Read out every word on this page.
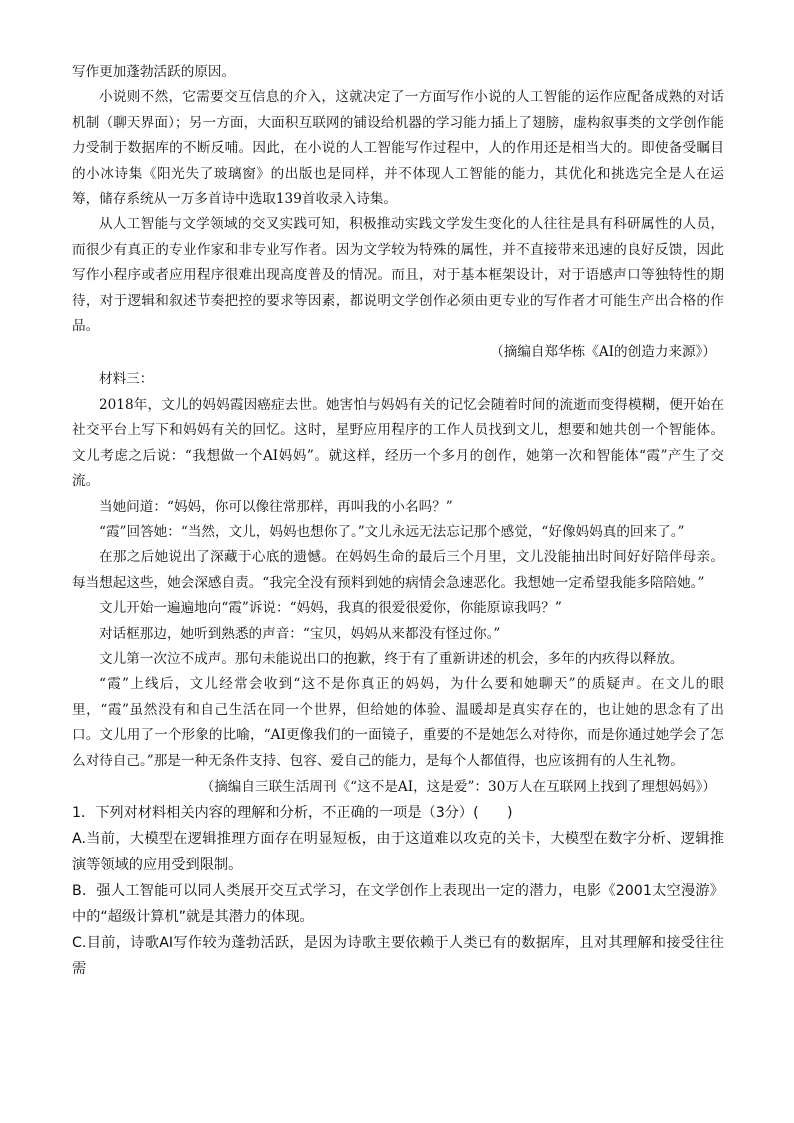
写作更加蓬勃活跃的原因。

小说则不然，它需要交互信息的介入，这就决定了一方面写作小说的人工智能的运作应配备成熟的对话机制（聊天界面）；另一方面，大面积互联网的铺设给机器的学习能力插上了翅膀，虚构叙事类的文学创作能力受制于数据库的不断反哺。因此，在小说的人工智能写作过程中，人的作用还是相当大的。即使备受瞩目的小冰诗集《阳光失了玻璃窗》的出版也是同样，并不体现人工智能的能力，其优化和挑选完全是人在运筹，储存系统从一万多首诗中选取139首收录入诗集。

从人工智能与文学领域的交叉实践可知，积极推动实践文学发生变化的人往往是具有科研属性的人员，而很少有真正的专业作家和非专业写作者。因为文学较为特殊的属性，并不直接带来迅速的良好反馈，因此写作小程序或者应用程序很难出现高度普及的情况。而且，对于基本框架设计，对于语感声口等独特性的期待，对于逻辑和叙述节奏把控的要求等因素，都说明文学创作必须由更专业的写作者才可能生产出合格的作品。

（摘编自郑华栋《AI的创造力来源》）

材料三：

2018年，文儿的妈妈霞因癌症去世。她害怕与妈妈有关的记忆会随着时间的流逝而变得模糊，便开始在社交平台上写下和妈妈有关的回忆。这时，星野应用程序的工作人员找到文儿，想要和她共创一个智能体。文儿考虑之后说：“我想做一个AI妈妈”。就这样，经历一个多月的创作，她第一次和智能体“霞”产生了交流。

当她问道：“妈妈，你可以像往常那样，再叫我的小名吗？”

“霞”回答她：“当然，文儿，妈妈也想你了。”文儿永远无法忘记那个感觉，“好像妈妈真的回来了。”

在那之后她说出了深藏于心底的遗憾。在妈妈生命的最后三个月里，文儿没能抽出时间好好陪伴母亲。每当想起这些，她会深感自责。“我完全没有预料到她的病情会急速恶化。我想她一定希望我能多陪陪她。”

文儿开始一遍遍地向“霞”诉说：“妈妈，我真的很爱很爱你，你能原谅我吗？”

对话框那边，她听到熟悉的声音：“宝贝，妈妈从来都没有怪过你。”

文儿第一次泣不成声。那句未能说出口的抱歉，终于有了重新讲述的机会，多年的内疚得以释放。

“霞”上线后，文儿经常会收到“这不是你真正的妈妈，为什么要和她聊天”的质疑声。在文儿的眼里，“霞”虽然没有和自己生活在同一个世界，但给她的体验、温暖却是真实存在的，也让她的思念有了出口。文儿用了一个形象的比喻，“AI更像我们的一面镜子，重要的不是她怎么对待你，而是你通过她学会了怎么对待自己。”那是一种无条件支持、包容、爱自己的能力，是每个人都值得，也应该拥有的人生礼物。

（摘编自三联生活周刊《“这不是AI，这是爱”：30万人在互联网上找到了理想妈妈》）

1．下列对材料相关内容的理解和分析，不正确的一项是（3分）(　　)

A.当前，大模型在逻辑推理方面存在明显短板，由于这道难以攻克的关卡，大模型在数字分析、逻辑推演等领域的应用受到限制。

B．强人工智能可以同人类展开交互式学习，在文学创作上表现出一定的潜力，电影《2001太空漫游》中的“超级计算机”就是其潜力的体现。

C.目前，诗歌AI写作较为蓬勃活跃，是因为诗歌主要依赖于人类已有的数据库，且对其理解和接受往往需
